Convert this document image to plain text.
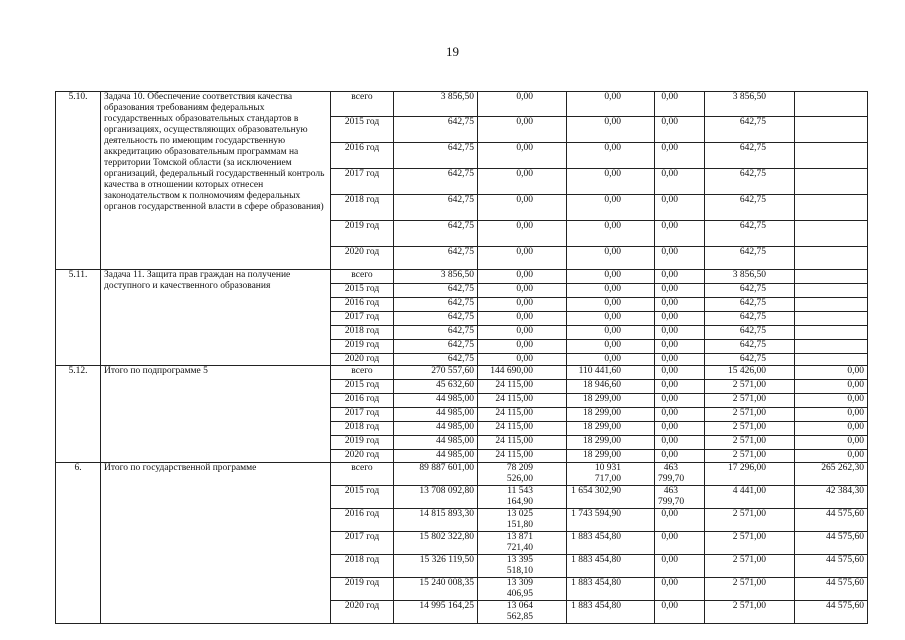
19
5.10.	Задача 10. Обеспечение соответствия качества образования требованиям федеральных государственных образовательных стандартов в организациях, осуществляющих образовательную деятельность по имеющим государственную аккредитацию образовательным программам на территории Томской области (за исключением организаций, федеральный государственный контроль качества в отношении которых отнесен законодательством к полномочиям федеральных органов государственной власти в сфере образования)	всего	3 856,50	0,00	0,00	0,00	3 856,50	
		2015 год	642,75	0,00	0,00	0,00	642,75	
		2016 год	642,75	0,00	0,00	0,00	642,75	
		2017 год	642,75	0,00	0,00	0,00	642,75	
		2018 год	642,75	0,00	0,00	0,00	642,75	
		2019 год	642,75	0,00	0,00	0,00	642,75	
		2020 год	642,75	0,00	0,00	0,00	642,75	
5.11.	Задача 11. Защита прав граждан на получение доступного и качественного образования	всего	3 856,50	0,00	0,00	0,00	3 856,50	
		2015 год	642,75	0,00	0,00	0,00	642,75	
		2016 год	642,75	0,00	0,00	0,00	642,75	
		2017 год	642,75	0,00	0,00	0,00	642,75	
		2018 год	642,75	0,00	0,00	0,00	642,75	
		2019 год	642,75	0,00	0,00	0,00	642,75	
		2020 год	642,75	0,00	0,00	0,00	642,75	
5.12.	Итого по подпрограмме 5	всего	270 557,60	144 690,00	110 441,60	0,00	15 426,00	0,00
		2015 год	45 632,60	24 115,00	18 946,60	0,00	2 571,00	0,00
		2016 год	44 985,00	24 115,00	18 299,00	0,00	2 571,00	0,00
		2017 год	44 985,00	24 115,00	18 299,00	0,00	2 571,00	0,00
		2018 год	44 985,00	24 115,00	18 299,00	0,00	2 571,00	0,00
		2019 год	44 985,00	24 115,00	18 299,00	0,00	2 571,00	0,00
		2020 год	44 985,00	24 115,00	18 299,00	0,00	2 571,00	0,00
6.	Итого по государственной программе	всего	89 887 601,00	78 209 526,00	10 931 717,00	463 799,70	17 296,00	265 262,30
		2015 год	13 708 092,80	11 543 164,90	1 654 302,90	463 799,70	4 441,00	42 384,30
		2016 год	14 815 893,30	13 025 151,80	1 743 594,90	0,00	2 571,00	44 575,60
		2017 год	15 802 322,80	13 871 721,40	1 883 454,80	0,00	2 571,00	44 575,60
		2018 год	15 326 119,50	13 395 518,10	1 883 454,80	0,00	2 571,00	44 575,60
		2019 год	15 240 008,35	13 309 406,95	1 883 454,80	0,00	2 571,00	44 575,60
		2020 год	14 995 164,25	13 064 562,85	1 883 454,80	0,00	2 571,00	44 575,60
